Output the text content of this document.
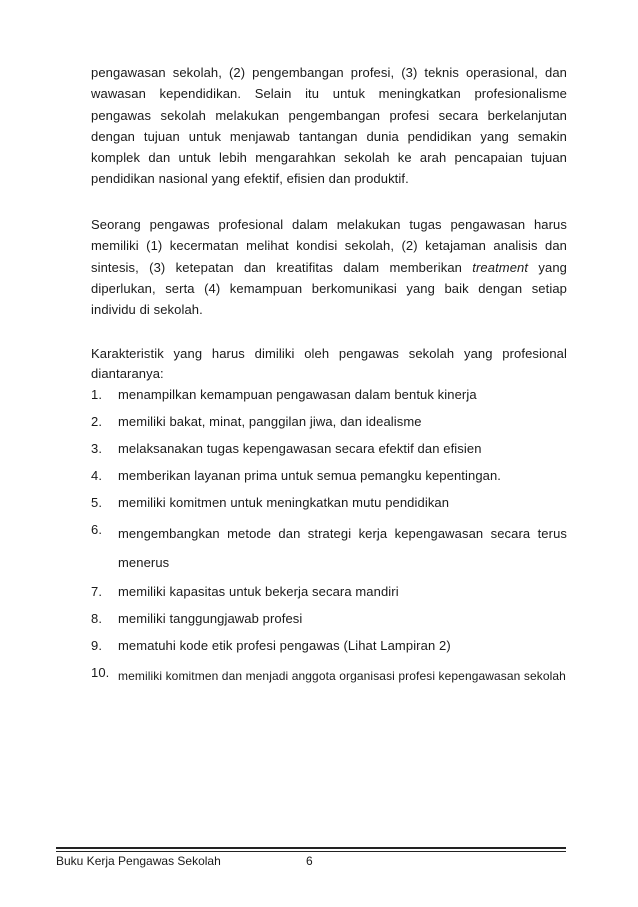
pengawasan sekolah, (2) pengembangan profesi, (3) teknis operasional, dan wawasan kependidikan. Selain itu untuk meningkatkan profesionalisme pengawas sekolah melakukan pengembangan profesi secara berkelanjutan dengan tujuan untuk menjawab tantangan dunia pendidikan yang semakin komplek dan untuk lebih mengarahkan sekolah ke arah pencapaian tujuan pendidikan nasional yang efektif, efisien dan produktif.

Seorang pengawas profesional dalam melakukan tugas pengawasan harus memiliki (1) kecermatan melihat kondisi sekolah, (2) ketajaman analisis dan sintesis, (3) ketepatan dan kreatifitas dalam memberikan treatment yang diperlukan, serta (4) kemampuan berkomunikasi yang baik dengan setiap individu di sekolah.

Karakteristik yang harus dimiliki oleh pengawas sekolah yang profesional diantaranya:

1. menampilkan kemampuan pengawasan dalam bentuk kinerja
2. memiliki bakat, minat, panggilan jiwa, dan idealisme
3. melaksanakan tugas kepengawasan secara efektif dan efisien
4. memberikan layanan prima untuk semua pemangku kepentingan.
5. memiliki komitmen untuk meningkatkan mutu pendidikan
6. mengembangkan metode dan strategi kerja kepengawasan secara terus menerus
7. memiliki kapasitas untuk bekerja secara mandiri
8. memiliki tanggungjawab profesi
9. mematuhi kode etik profesi pengawas (Lihat Lampiran 2)
10. memiliki komitmen dan menjadi anggota organisasi profesi kepengawasan sekolah
Buku Kerja Pengawas Sekolah	6
